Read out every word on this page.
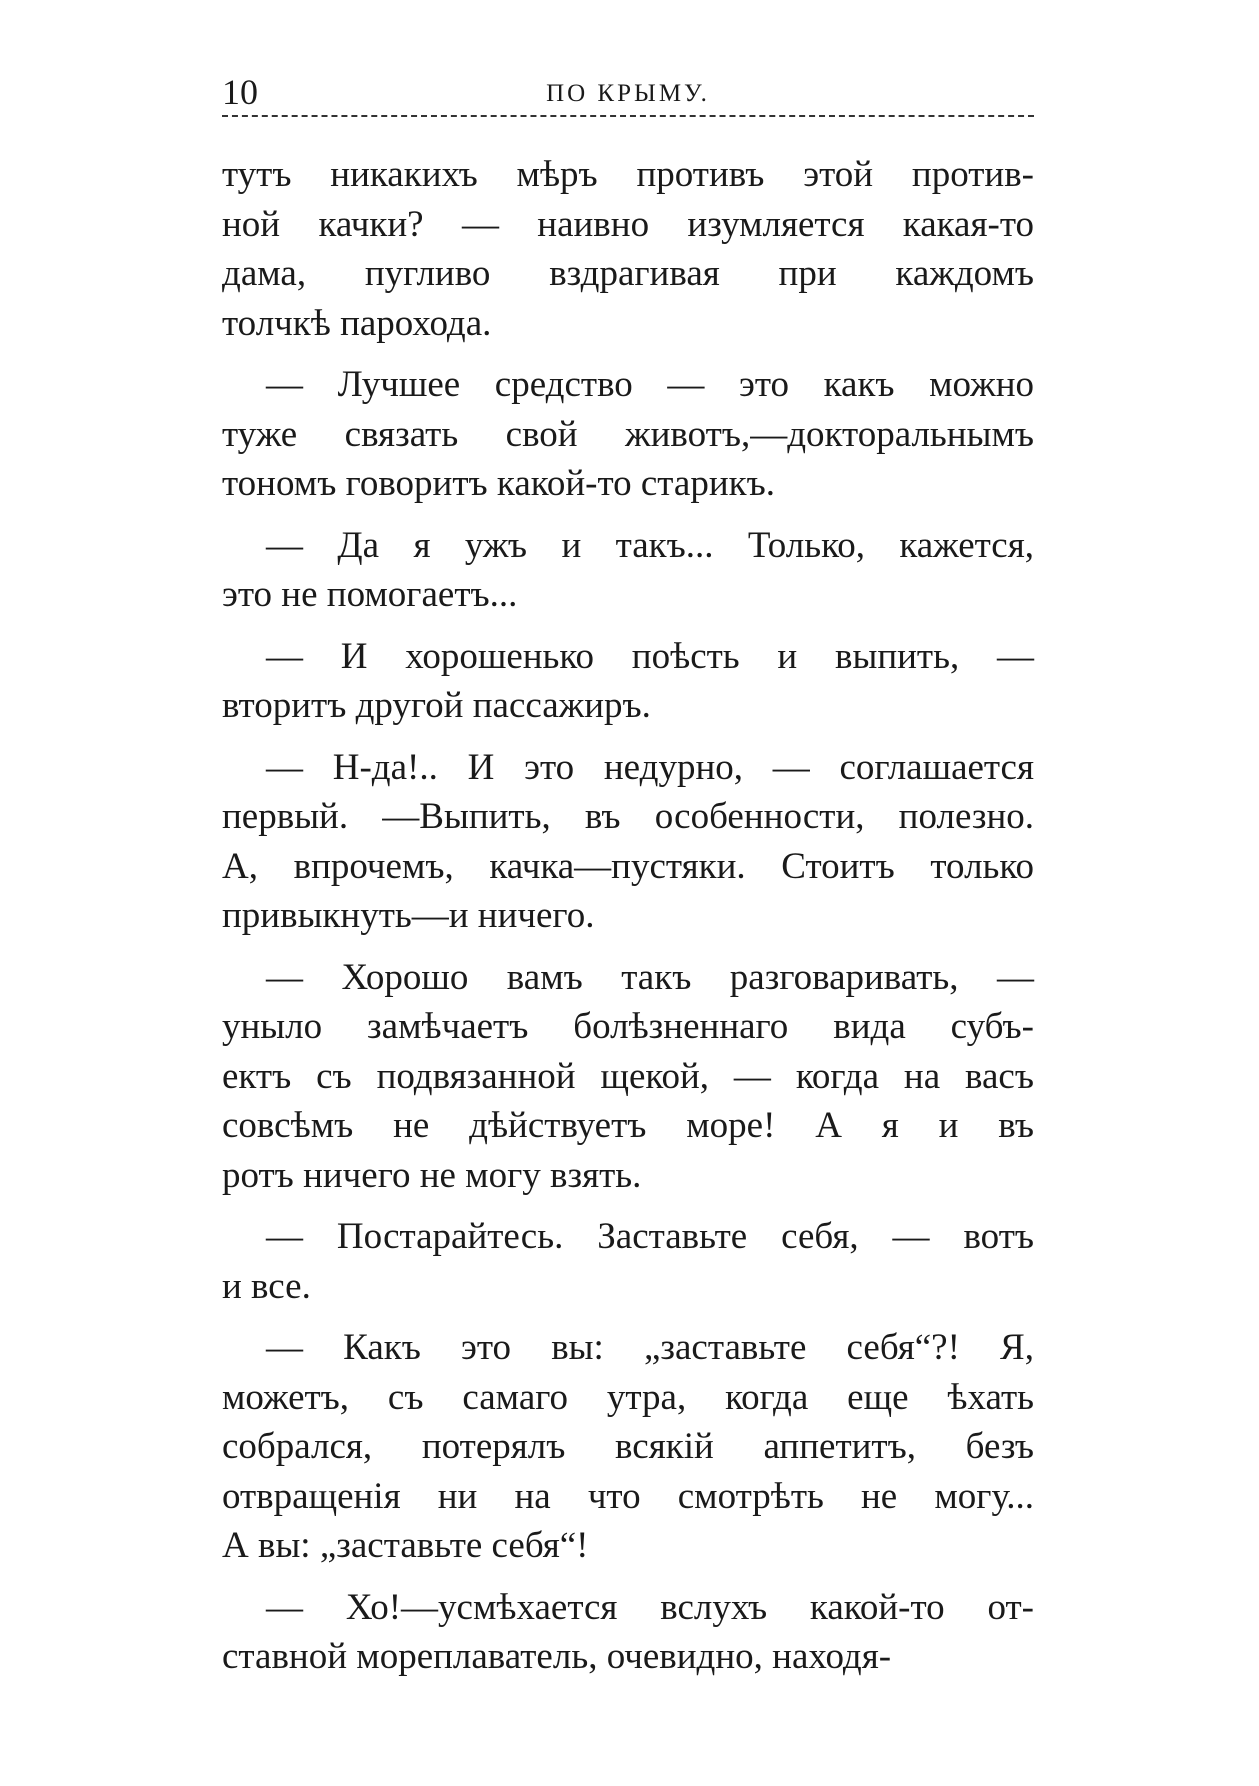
10	ПО КРЫМУ.

тутъ никакихъ мѣръ противъ этой против-
ной качки? — наивно изумляется какая-то
дама, пугливо вздрагивая при каждомъ
толчкѣ парохода.

— Лучшее средство — это какъ можно
туже связать свой животъ,—докторальнымъ
тономъ говоритъ какой-то старикъ.

— Да я ужъ и такъ... Только, кажется,
это не помогаетъ...

— И хорошенько поѣсть и выпить, —
вторитъ другой пассажиръ.

— Н-да!.. И это недурно, — соглашается
первый. —Выпить, въ особенности, полезно.
А, впрочемъ, качка—пустяки. Стоитъ только
привыкнуть—и ничего.

— Хорошо вамъ такъ разговаривать, —
уныло замѣчаетъ болѣзненнаго вида субъ-
ектъ съ подвязанной щекой, — когда на васъ
совсѣмъ не дѣйствуетъ море! А я и въ
ротъ ничего не могу взять.

— Постарайтесь. Заставьте себя, — вотъ
и все.

— Какъ это вы: „заставьте себя“?! Я,
можетъ, съ самаго утра, когда еще ѣхать
собрался, потерялъ всякій аппетитъ, безъ
отвращенія ни на что смотрѣть не могу...
А вы: „заставьте себя“!

— Хо!—усмѣхается вслухъ какой-то от-
ставной мореплаватель, очевидно, находя-
